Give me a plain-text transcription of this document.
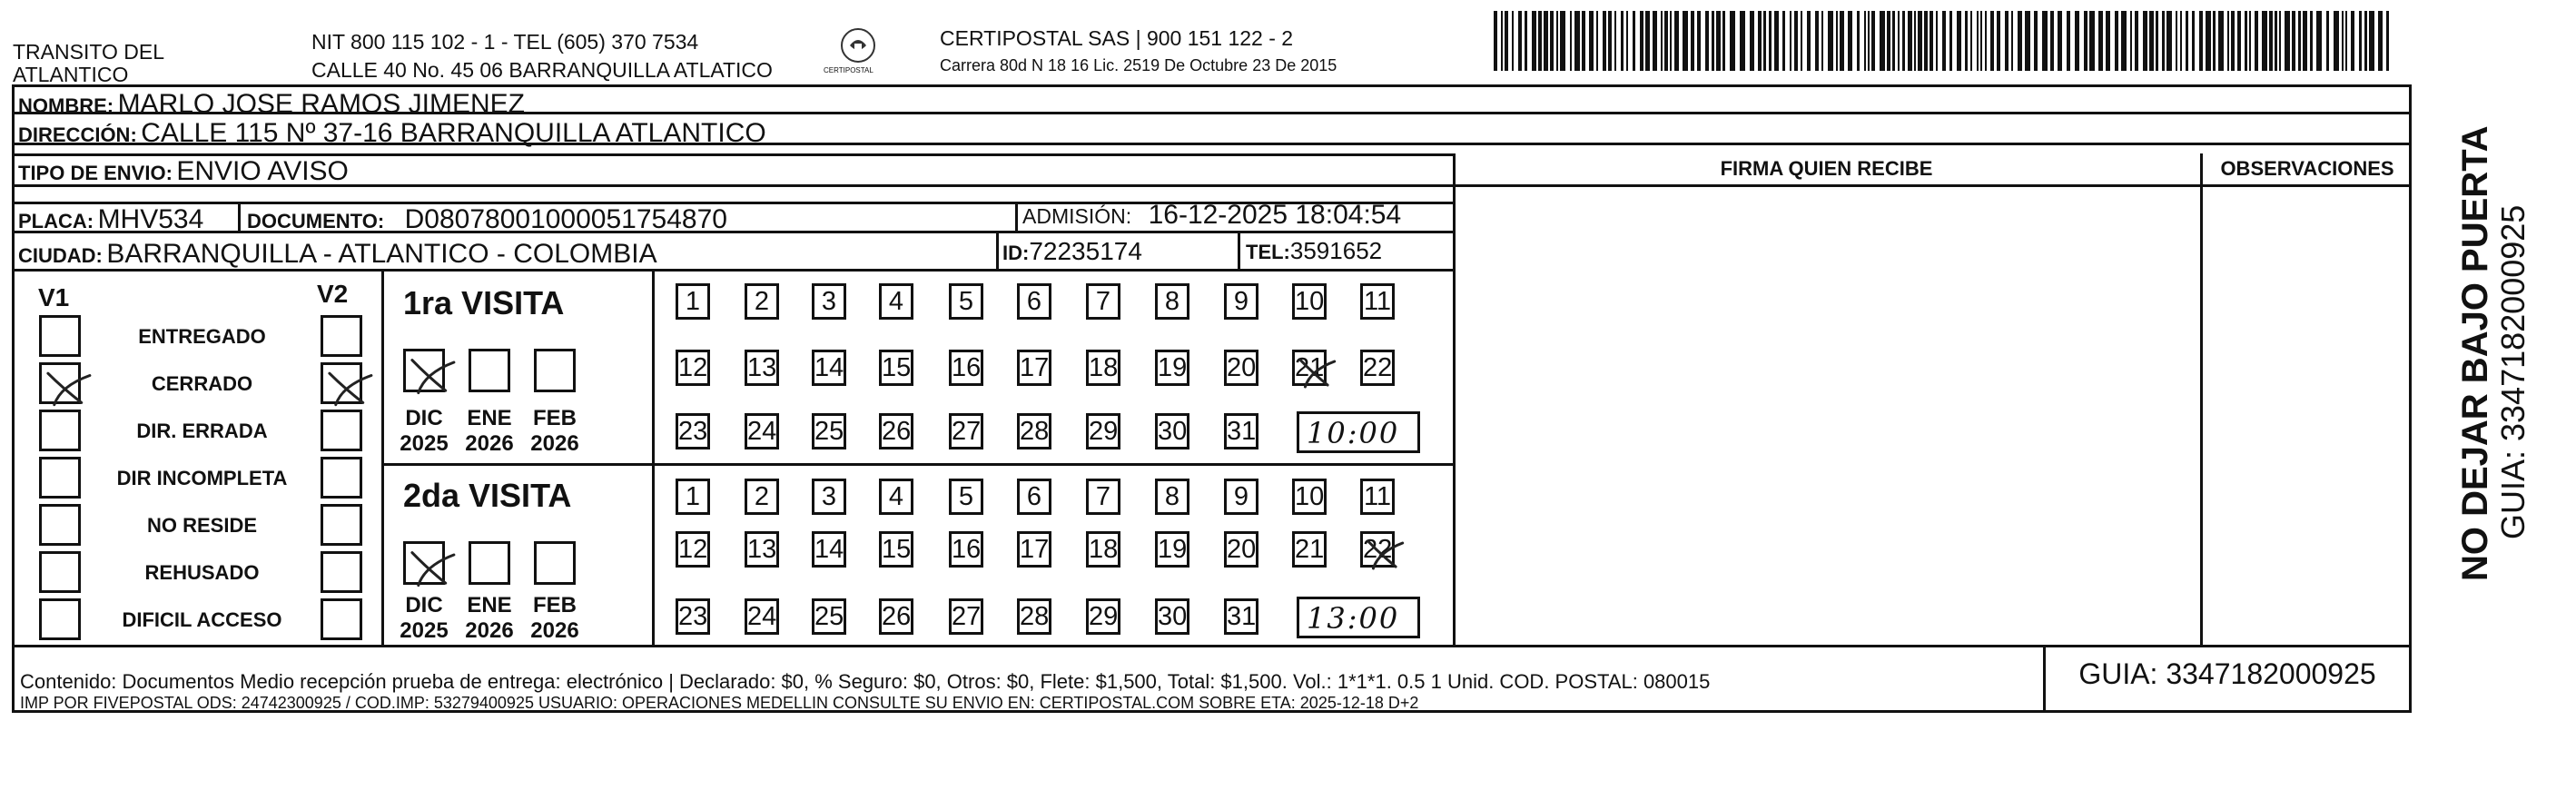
TRANSITO DEL
ATLANTICO
NIT 800 115 102 - 1 - TEL (605) 370 7534
CALLE 40 No. 45 06 BARRANQUILLA ATLATICO	CERTIPOSTAL
CERTIPOSTAL SAS | 900 151 122 - 2
Carrera 80d N 18 16 Lic. 2519 De Octubre 23 De 2015
NOMBRE: MARLO JOSE RAMOS JIMENEZ
DIRECCIÓN: CALLE 115 Nº 37-16 BARRANQUILLA ATLANTICO
TIPO DE ENVIO: ENVIO AVISO
PLACA: MHV534 DOCUMENTO: D08078001000051754870	ADMISIÓN: 16-12-2025 18:04:54
CIUDAD: BARRANQUILLA - ATLANTICO - COLOMBIA	ID:72235174	TEL:3591652
FIRMA QUIEN RECIBE	OBSERVACIONES
V1	V2
ENTREGADO
CERRADO
DIR. ERRADA
DIR INCOMPLETA
NO RESIDE
REHUSADO
DIFICIL ACCESO
1ra VISITA
DIC
2025
ENE
2026
FEB
2026
1	2	3	4	5	6	7	8	9	10 11
12 13 14 15 16 17 18 19 20 21 22
23 24 25 26 27 28 29 30 31 10:00
2da VISITA
DIC
2025
ENE
2026
FEB
2026
1	2	3	4	5	6	7	8	9	10 11
12 13 14 15 16 17 18 19 20 21 22
23 24 25 26 27 28 29 30 31 13:00
Contenido: Documentos Medio recepción prueba de entrega: electrónico | Declarado: $0, % Seguro: $0, Otros: $0, Flete: $1,500, Total: $1,500. Vol.: 1*1*1. 0.5 1 Unid. COD. POSTAL: 080015
IMP POR FIVEPOSTAL ODS: 24742300925 / COD.IMP: 53279400925 USUARIO: OPERACIONES MEDELLIN CONSULTE SU ENVIO EN: CERTIPOSTAL.COM SOBRE ETA: 2025-12-18 D+2
GUIA: 3347182000925
NO DEJAR BAJO PUERTA GUIA: 3347182000925
